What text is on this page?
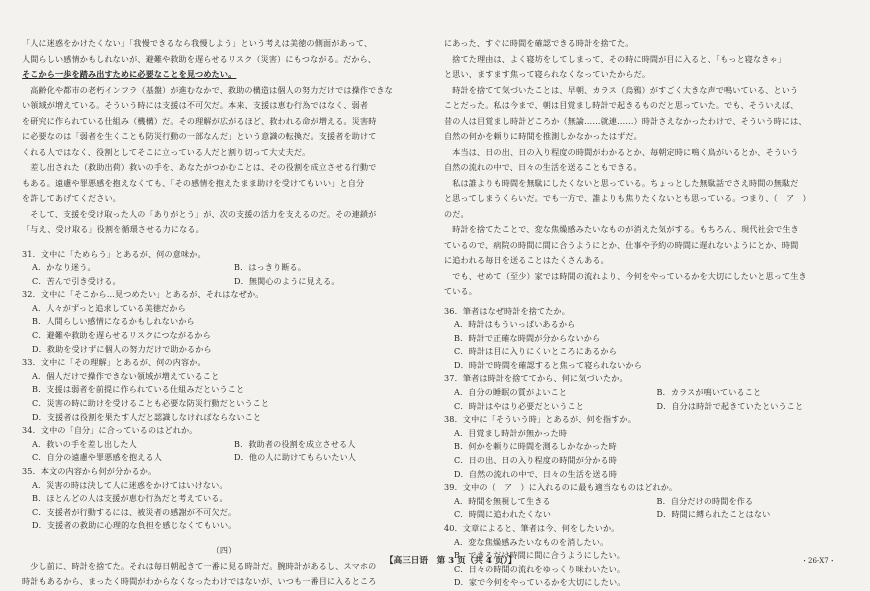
「人に迷惑をかけたくない」「我慢できるなら我慢しよう」という考えは美徳の側面があって、
人間らしい感情かもしれないが、避難や救助を遅らせるリスク（災害）にもつながる。だから、
そこから一歩を踏み出すために必要なことを見つめたい。
　高齢化や都市の老朽インフラ（基盤）が進むなかで、救助の構造は個人の努力だけでは操作できな
い領域が増えている。そういう時には支援は不可欠だ。本来、支援は恵む行為ではなく、弱者
を研究に作られている仕組み（機構）だ。その理解が広がるほど、救われる命が増える。災害時
に必要なのは「弱者を生くことも防災行動の一部なんだ」という意識の転換だ。支援者を助けて
くれる人ではなく、役割としてそこに立っている人だと割り切って大丈夫だ。
　差し出された（救助出荷）救いの手を、あなたがつかむことは、その役割を成立させる行動で
もある。遠慮や罪悪感を抱えなくても、「その感情を抱えたまま助けを受けてもいい」と自分
を許してあげてください。
　そして、支援を受け取った人の「ありがとう」が、次の支援の活力を支えるのだ。その連鎖が
「与え、受け取る」役割を循環させる力になる。
31．文中に「ためらう」とあるが、何の意味か。
A．かなり迷う。	B．はっきり断る。
C．苦んで引き受ける。	D．無関心のように見える。
32．文中に「そこから…見つめたい」とあるが、それはなぜか。
A．人々がずっと追求している美徳だから
B．人間らしい感情になるかもしれないから
C．避難や救助を遅らせるリスクにつながるから
D．救助を受けずに個人の努力だけで助かるから
33．文中に「その理解」とあるが、何の内容か。
A．個人だけで操作できない領域が増えていること
B．支援は弱者を前提に作られている仕組みだということ
C．災害の時に助けを受けることも必要な防災行動だということ
D．支援者は役割を果たす人だと認識しなければならないこと
34．文中の「自分」に合っているのはどれか。
A．救いの手を差し出した人	B．救助者の役割を成立させる人
C．自分の遠慮や罪悪感を抱える人	D．他の人に助けてもらいたい人
35．本文の内容から何が分かるか。
A．災害の時は決して人に迷惑をかけてはいけない。
B．ほとんどの人は支援が恵む行為だと考えている。
C．支援者が行動するには、被災者の感謝が不可欠だ。
D．支援者の救助に心理的な負担を感じなくてもいい。
（四）
　少し前に、時計を捨てた。それは毎日朝起きて一番に見る時計だ。腕時計があるし、スマホの
時計もあるから、まったく時間がわからなくなったわけではないが、いつも一番目に入るところ
にあった、すぐに時間を確認できる時計を捨てた。
　捨てた理由は、よく寝坊をしてしまって、その時に時間が目に入ると、「もっと寝なきゃ」
と思い、ますます焦って寝られなくなっていたからだ。
　時計を捨てて気づいたことは、早朝、カラス（烏鴉）がすごく大きな声で鳴いている、という
ことだった。私は今まで、朝は目覚まし時計で起きるものだと思っていた。でも、そういえば、
昔の人は目覚まし時計どころか（無論……就連……）時計さえなかったわけで、そういう時には、
自然の何かを頼りに時間を推測しかなかったはずだ。
　本当は、日の出、日の入り程度の時間がわかるとか、毎朝定時に鳴く鳥がいるとか、そういう
自然の流れの中で、日々の生活を送ることもできる。
　私は誰よりも時間を無駄にしたくないと思っている。ちょっとした無駄話でさえ時間の無駄だ
と思ってしまうくらいだ。でも一方で、誰よりも焦りたくないとも思っている。つまり、（　ア　）
のだ。
　時計を捨てたことで、変な焦燥感みたいなものが消えた気がする。もちろん、現代社会で生き
ているので、病院の時間に間に合うようにとか、仕事や予約の時間に遅れないようにとか、時間
に追われる毎日を送ることはたくさんある。
　でも、せめて（至少）家では時間の流れより、今何をやっているかを大切にしたいと思って生き
ている。
36．筆者はなぜ時計を捨てたか。
A．時計はもういっぱいあるから
B．時計で正確な時間が分からないから
C．時計は目に入りにくいところにあるから
D．時計で時間を確認すると焦って寝られないから
37．筆者は時計を捨ててから、何に気づいたか。
A．自分の睡眠の質がよいこと	B．カラスが鳴いていること
C．時計はやはり必要だということ	D．自分は時計で起きていたということ
38．文中に「そういう時」とあるが、何を指すか。
A．目覚まし時計が無かった時
B．何かを頼りに時間を測るしかなかった時
C．日の出、日の入り程度の時間が分かる時
D．自然の流れの中で、日々の生活を送る時
39．文中の（　ア　）に入れるのに最も適当なものはどれか。
A．時間を無視して生きる	B．自分だけの時間を作る
C．時間に追われたくない	D．時間に縛られたことはない
40．文章によると、筆者は今、何をしたいか。
A．変な焦燥感みたいなものを消したい。
B．できるだけ時間に間に合うようにしたい。
C．日々の時間の流れをゆっくり味わいたい。
D．家で今何をやっているかを大切にしたい。
【高三日语　第 3 页（共 4 页）】	・26-X7・
